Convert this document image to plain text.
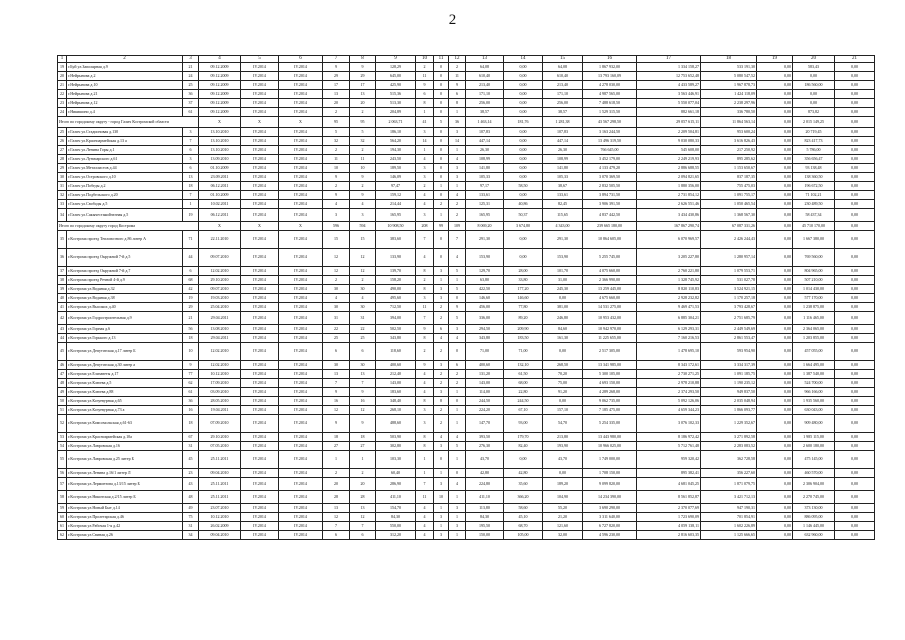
2
1	2	3	4	5	6	7	8	9	10	11	12	13	14	15	16	17	18	19	20	21
19	г.Буй ул.Заполярная д.9	21	09.12.2009	IV.2014	IV.2014	9	9	128,29	2	0	2	64,08	0,00	64,08	1 867 932,00	1 334 158,27	533 191,30	0,00	583,43	0,00
20	г.Нейрынова д.2	24	09.12.2009	IV.2014	IV.2014	29	29	645,00	11	0	11	610,40	0,00	610,40	13 793 160,09	12 753 652,48	5 080 547,52	0,00	0,00	0,00
21	г.Нейрынова д.10	25	09.12.2009	IV.2014	IV.2014	17	17	425,90	9	0	9	213,40	0,00	213,40	4 278 030,00	4 433 589,27	1 967 878,73	0,00	186 560,00	0,00
22	г.Нейрынова д.21	36	09.12.2009	IV.2014	IV.2014	13	13	515,36	6	0	6	171,10	0,00	171,10	4 987 565,00	3 563 446,91	1 424 118,09	0,00	0,00	0,00
23	г.Нейрынова д.12	37	09.12.2009	IV.2014	IV.2014	20	20	513,30	8	0	8	256,00	0,00	256,00	7 488 618,50	5 550 077,04	2 238 297,96	0,00	0,00	0,00
24	г.Никишино д.4	61	09.12.2009	IV.2014	IV.2014	2	2	204,89	1	0	1	38,57	0,00	38,57	1 529 315,50	882 661,18	336 780,50	0,00	873,82	0,00
Итого по городскому округу - город Галич Костромской области			X	X	X	95	95	2 063,71	41	5	36	1 463,14	181,76	1 281,38	43 567 298,50	29 057 615,11	11 864 563,14	0,00	2 015 149,25	0,00
25	г.Галич ул.Стадионовая д.130	3	13.10.2010	IV.2014	IV.2014	5	5	186,10	3	0	3	107,83	0,00	107,83	3 163 244,50	2 209 504,81	953 600,24	0,00	20 719,45	0,00
26	г.Галич ул.Красноармейская д.13 а	7	13.10.2010	IV.2014	IV.2014	32	32	564,20	14	0	14	447,14	0,00	447,14	13 496 319,50	9 030 080,33	3 616 826,43	0,00	823 417,73	0,00
27	г.Галич ул.Ленина Горы д.1	6	13.10.2010	IV.2014	IV.2014	2	2	194,30	1	0	1	26,30	0,00	26,30	766 645,00	545 608,00	217 250,92	0,00	5 786,00	0,00
28	г.Галич ул.Луначарского д.61	3	13.09.2010	IV.2014	IV.2014	11	11	243,50	4	0	4	108,99	0,00	108,99	3 452 179,00	2 249 219,93	895 285,62	0,00	356 656,47	0,00
29	г.Галич ул.Металлистов д.44	6	01.10.2009	IV.2014	IV.2014	10	10	189,50	3	0	3	141,80	0,00	141,80	4 133 479,20	2 886 688,55	1 153 650,67	0,00	93 138,48	0,00
30	г.Галич ул.Островского д.10	13	23.09.2011	IV.2014	IV.2014	9	9	146,09	3	0	3	105,33	0,00	105,33	3 070 369,50	2 094 821,65	837 187,35	0,00	138 360,50	0,00
31	г.Галич ул.Победы д.2	18	06.12.2011	IV.2014	IV.2014	2	2	97,47	2	1	1	97,17	58,50	38,67	2 832 505,50	1 880 356,00	755 475,03	0,00	196 672,50	0,00
32	г.Галич ул.Подбельского д.20	7	01.10.2009	IV.2014	IV.2014	9	9	159,12	4	0	4	133,61	0,00	133,61	3 894 731,50	2 731 854,12	1 091 755,17	0,00	71 102,21	0,00
33	г.Галич ул.Свободы д.5	1	10.02.2011	IV.2014	IV.2014	4	4	214,44	4	2	2	125,31	40,86	82,45	3 906 391,50	2 626 551,46	1 050 465,54	0,00	230 489,50	0,00
34	г.Галич ул.Сакычестакийчелная д.5	19	06.12.2011	IV.2014	IV.2014	3	3	165,95	3	1	2	165,95	50,37	115,65	4 837 442,50	3 434 430,86	1 368 567,30	0,00	58 437,34	0,00
Итого по городскому округу город Кострома			X	X	X	596	594	10 908,50	208	99	109	8 069,20	3 674,80	4 343,00	239 665 180,00	167 867 290,74	67 087 331,26	0,00	45 710 170,00	0,00
35	г.Кострома проезд Тепловозного д.86 литер А	71	22.11.2010	IV.2014	IV.2014	15	15	383,60	7	0	7	291,30	0,00	291,30	10 864 605,00	6 070 969,57	2 426 244,43	0,00	1 667 380,00	0,00
36	г.Кострома проезд Окружной 7-й д.5	44	09.07.2010	IV.2014	IV.2014	12	12	133,90	4	0	4	153,90	0,00	153,90	5 255 745,00	3 205 227,80	1 280 957,14	0,00	769 560,00	0,00
37	г.Кострома проезд Окружной 7-й д.7	6	12.02.2010	IV.2014	IV.2014	12	12	139,70	8	3	5	129,70	28,00	101,70	4 075 660,00	2 760 221,80	1 079 553,71	0,00	804 965,00	0,00
38	г.Кострома проезд Речной 4-й д.9	68	29.10.2010	IV.2014	IV.2014	2	2	158,20	2	1	1	63,80	33,80	31,00	2 366 990,00	1 328 745,92	531 027,78	0,00	507 210,00	0,00
39	г.Кострома ул.Водяная д.32	42	09.07.2010	IV.2014	IV.2014	30	30	490,00	8	3	5	422,50	177,20	245,30	13 259 445,00	8 820 110,83	3 524 921,15	0,00	1 014 430,00	0,00
40	г.Кострома ул.Водяная д.38	19	19.03.2010	IV.2014	IV.2014	4	4	495,60	3	3	0	146,60	146,60	0,00	4 675 660,00	2 928 232,82	1 170 257,18	0,00	577 170,00	0,00
41	г.Кострома ул.Высоких д.40	29	25.04.2010	IV.2014	IV.2014	30	30	712,50	11	2	9	456,00	77,80	381,00	14 531 275,00	9 469 471,53	3 793 428,67	0,00	1 238 875,00	0,00
42	г.Кострома ул.Гидростроительная д.9	21	29.04.2011	IV.2014	IV.2014	31	31	394,00	7	2	5	336,00	89,20	246,80	10 953 432,00	6 885 304,21	2 751 685,79	0,00	1 116 465,00	0,00
43	г.Кострома ул.Горная д.6	56	13.08.2010	IV.2014	IV.2014	22	22	502,50	9	6	3	294,50	209,90	84,60	10 942 970,00	6 129 293,31	2 449 549,69	0,00	2 364 065,00	0,00
44	г.Кострома ул.Горького д.13	18	29.04.2011	IV.2014	IV.2014	25	25	343,80	8	4	4	343,80	183,50	161,30	11 225 655,00	7 160 216,53	2 861 553,47	0,00	1 203 855,00	0,00
45	г.Кострома ул.Депутатская д.17 литер Б	10	12.02.2010	IV.2014	IV.2014	6	6	118,60	2	2	0	71,00	71,00	0,00	2 517 305,00	1 478 695,10	593 954,90	0,00	457 055,00	0,00
46	г.Кострома ул.Депутатская д.30 литер а	9	12.02.2010	IV.2014	IV.2014	30	30	400,60	9	3	6	400,60	132,10	268,50	13 341 985,00	8 343 172,61	3 334 317,39	0,00	1 664 495,00	0,00
47	г.Кострома ул.Елизаветы д.17	77	10.12.2010	IV.2014	IV.2014	13	13	212,40	4	2	2	131,20	61,50	70,20	5 300 105,00	2 730 271,25	1 091 185,75	0,00	1 387 540,00	0,00
48	г.Кострома ул.Клюева д.5	62	17.09.2010	IV.2014	IV.2014	7	7	143,00	4	2	2	143,00	68,00	75,00	4 693 150,00	2 978 210,88	1 190 235,12	0,00	524 700,00	0,00
49	г.Кострома ул.Клюева д.88	61	03.09.2010	IV.2014	IV.2014	9	9	183,60	4	3	1	114,00	22,80	91,20	4 289 268,00	2 374 293,50	949 837,50	0,00	966 166,00	0,00
50	г.Кострома ул.Козуевурная д.65	36	28.05.2010	IV.2014	IV.2014	16	16	348,40	8	8	0	244,50	244,50	0,00	9 062 735,00	5 092 126,06	2 035 048,94	0,00	1 935 560,00	0,00
51	г.Кострома ул.Козуевурная д.73 а	16	19.04.2011	IV.2014	IV.2014	12	12	268,10	3	2	1	224,20	67,10	157,10	7 185 475,00	4 659 344,23	1 866 093,77	0,00	630 043,00	0,00
52	г.Кострома ул.Комсомольская д.61-63	18	07.09.2010	IV.2014	IV.2014	9	9	488,60	3	2	1	147,70	93,00	54,70	5 254 335,00	3 076 102,33	1 229 352,67	0,00	909 480,00	0,00
53	г.Кострома ул.Красноармейская д.10а	67	29.10.2010	IV.2014	IV.2014	18	18	503,90	8	4	4	393,50	179,70	213,80	13 443 980,00	8 186 972,42	3 271 892,58	0,00	1 985 115,00	0,00
54	г.Кострома ул.Лавровская д.16	31	07.05.2010	IV.2014	IV.2014	27	27	302,80	8	3	5	276,30	82,40	193,90	10 966 025,00	5 712 761,48	2 283 083,52	0,00	2 600 180,00	0,00
55	г.Кострома ул.Лавровская д.25 литер Б	45	25.11.2011	IV.2014	IV.2014	1	1	103,30	1	0	1	43,70	0,00	43,70	1 749 000,00	959 320,42	362 728,58	0,00	475 145,00	0,00
56	г.Кострома ул.Ленина д.16/1 литер Л	23	09.04.2010	IV.2014	IV.2014	2	2	60,40	1	1	0	42,80	42,80	0,00	1 708 150,00	895 382,41	356 227,60	0,00	460 570,00	0,00
57	г.Кострома ул.Лермонтова д.13/15 литер Б	43	25.11.2011	IV.2014	IV.2014	20	20	286,90	7	3	4	224,80	35,60	189,20	9 099 820,00	4 681 045,25	1 871 079,75	0,00	2 306 904,00	0,00
58	г.Кострома ул.Никитская д.2/15 литер Б	48	25.11.2011	IV.2014	IV.2014	28	28	411,10	11	10	1	411,10	366,20	104,90	14 234 390,00	8 561 852,87	3 421 712,13	0,00	2 270 745,00	0,00
59	г.Кострома ул.Новый Быт д.14	49	23.07.2010	IV.2014	IV.2014	13	13	154,70	4	1	3	113,80	58,60	55,20	3 690 290,00	2 370 077,69	947 190,31	0,00	373 130,00	0,00
60	г.Кострома ул.Пролетарская д.46	75	10.12.2010	IV.2014	IV.2014	12	12	84,30	4	3	1	84,30	45,10	21,20	3 311 640,00	1 723 690,09	701 854,91	0,00	886 095,00	0,00
61	г.Кострома ул.Рабочая 1-я д.42	31	26.02.2009	IV.2014	IV.2014	7	7	550,00	4	1	3	195,50	68,70	121,60	6 727 820,00	4 059 138,11	1 602 226,89	0,00	1 146 445,00	0,00
62	г.Кострома ул.Свиная д.26	34	09.04.2010	IV.2014	IV.2014	6	6	312,20	4	3	1	150,00	105,00	32,00	4 596 230,00	2 816 603,35	1 125 666,65	0,00	632 960,00	0,00
